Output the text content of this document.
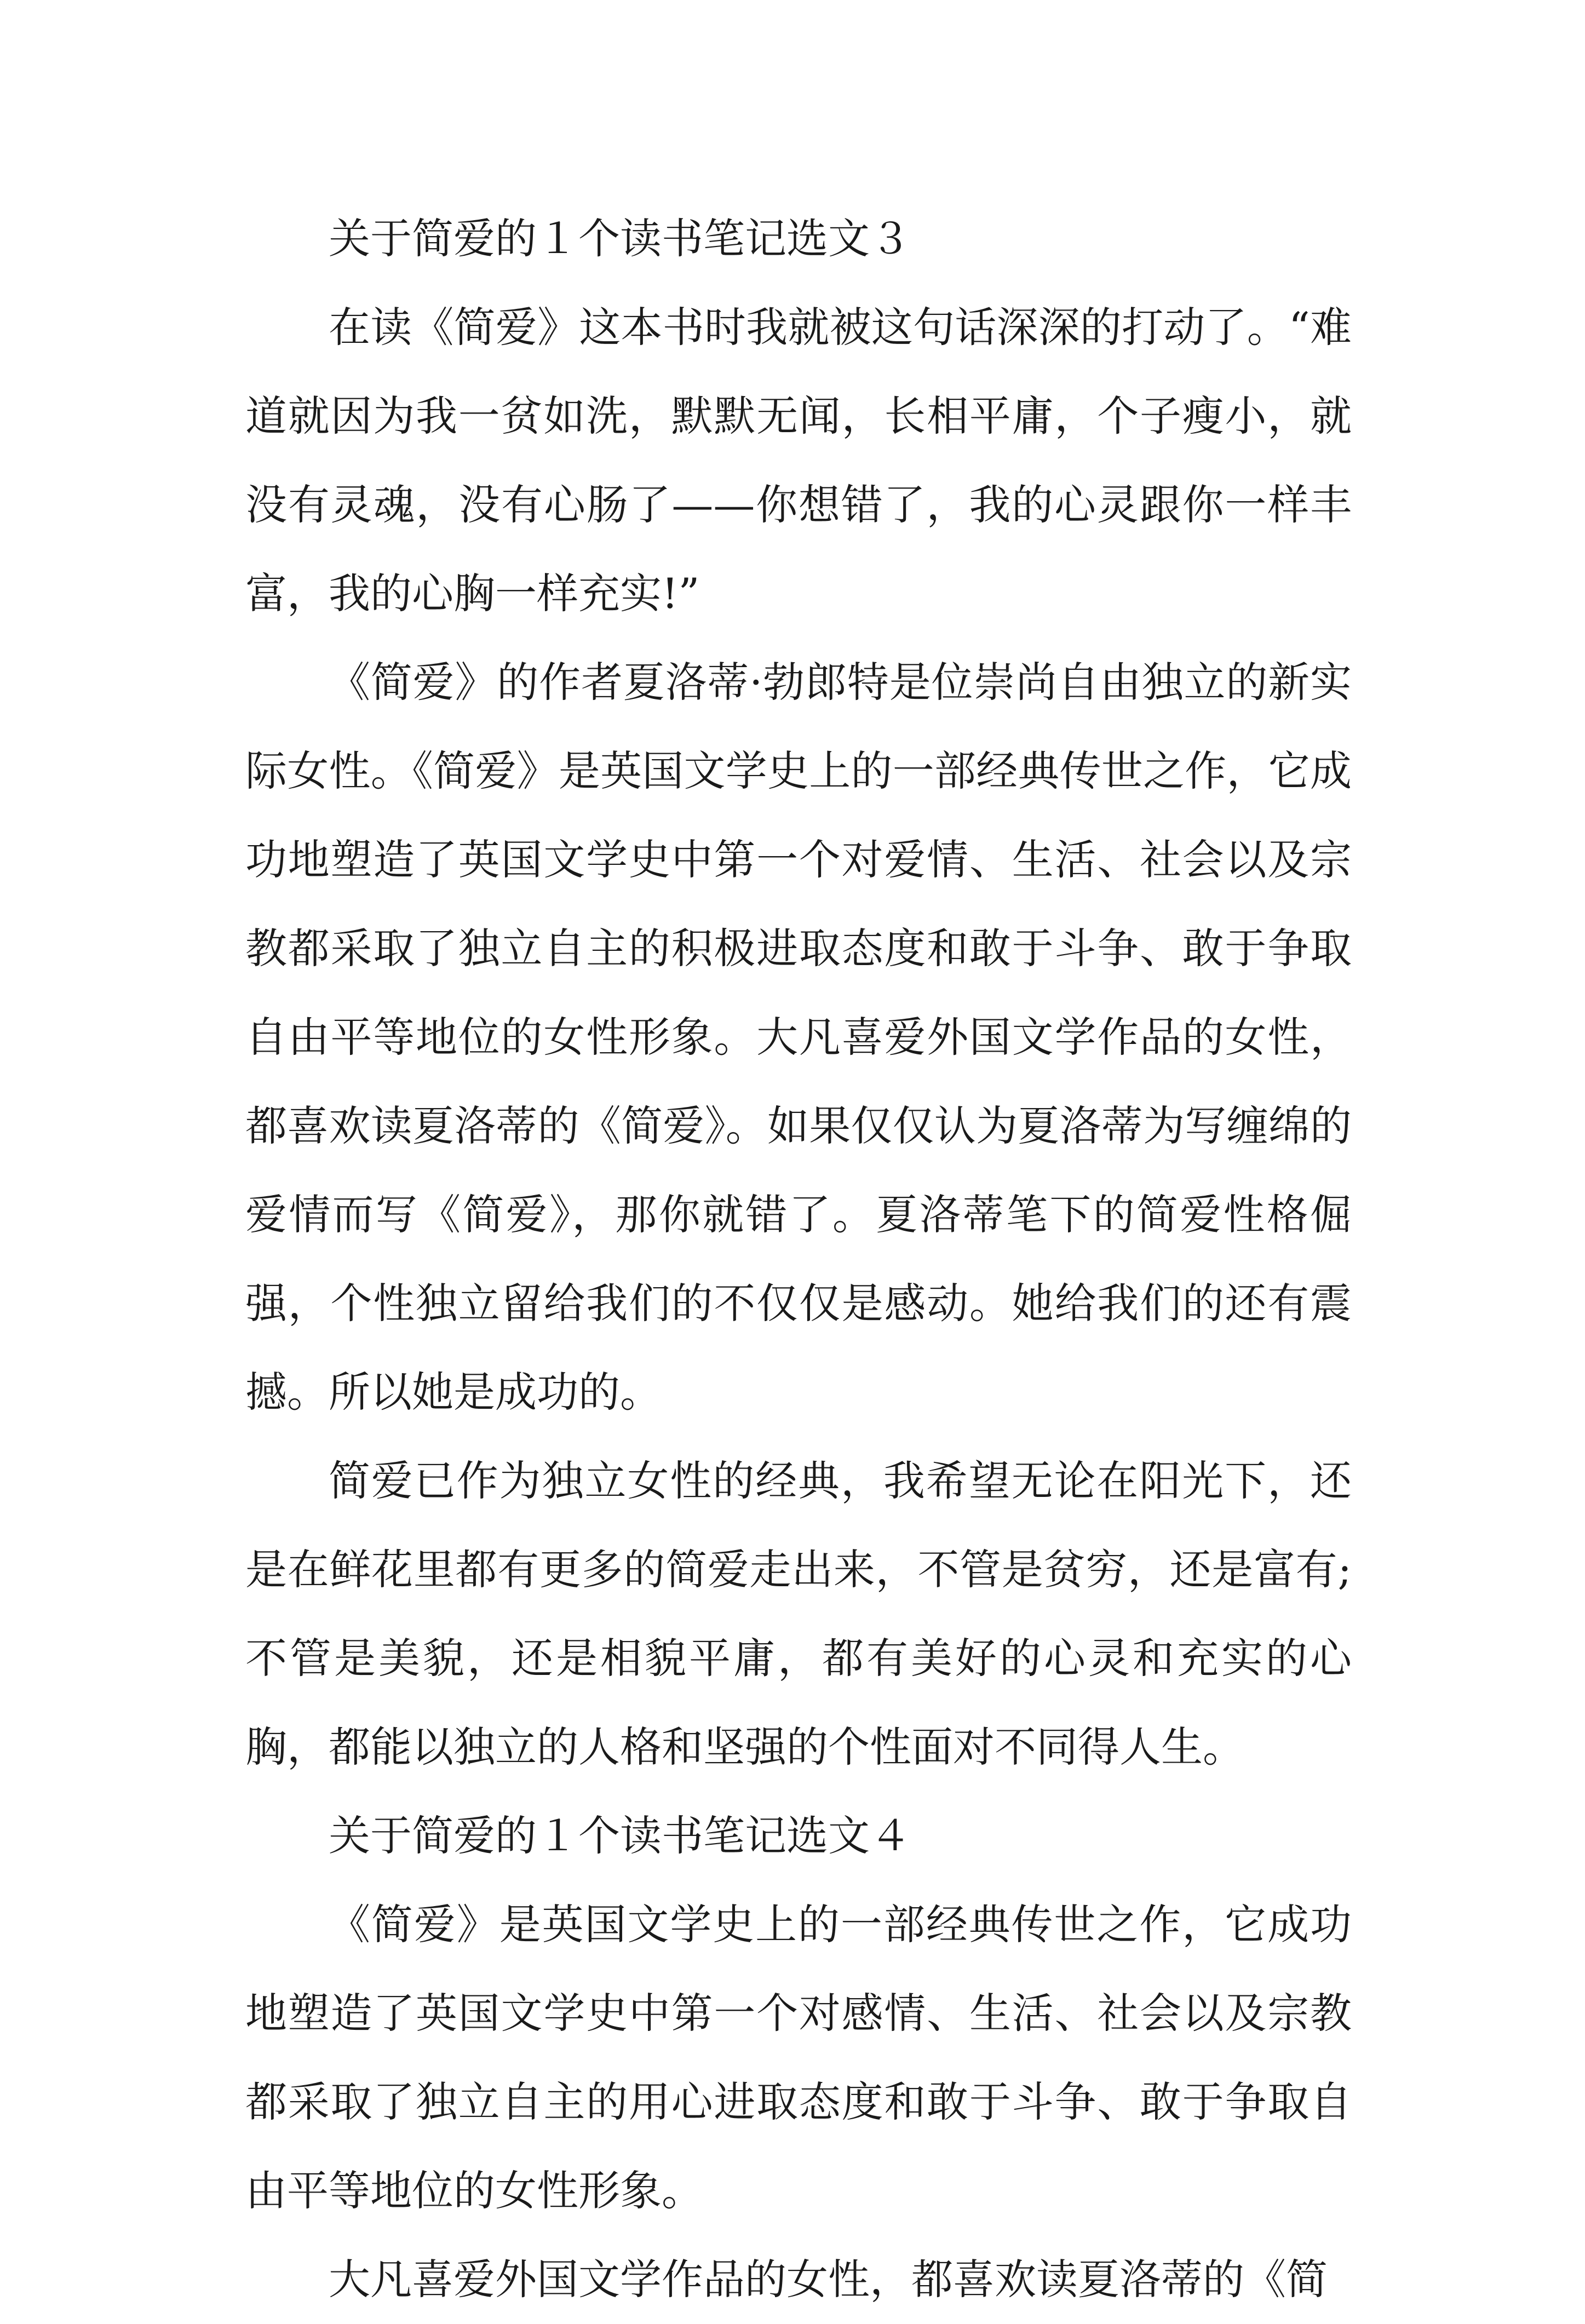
关于简爱的１个读书笔记选文３

在读《简爱》这本书时我就被这句话深深的打动了。“难道就因为我一贫如洗，默默无闻，长相平庸，个子瘦小，就没有灵魂，没有心肠了——你想错了，我的心灵跟你一样丰富，我的心胸一样充实!”

《简爱》的作者夏洛蒂·勃郎特是位崇尚自由独立的新实际女性。《简爱》是英国文学史上的一部经典传世之作，它成功地塑造了英国文学史中第一个对爱情、生活、社会以及宗教都采取了独立自主的积极进取态度和敢于斗争、敢于争取自由平等地位的女性形象。大凡喜爱外国文学作品的女性，都喜欢读夏洛蒂的《简爱》。如果仅仅认为夏洛蒂为写缠绵的爱情而写《简爱》，那你就错了。夏洛蒂笔下的简爱性格倔强，个性独立留给我们的不仅仅是感动。她给我们的还有震撼。所以她是成功的。

简爱已作为独立女性的经典，我希望无论在阳光下，还是在鲜花里都有更多的简爱走出来，不管是贫穷，还是富有;不管是美貌，还是相貌平庸，都有美好的心灵和充实的心胸，都能以独立的人格和坚强的个性面对不同得人生。

关于简爱的１个读书笔记选文４

《简爱》是英国文学史上的一部经典传世之作，它成功地塑造了英国文学史中第一个对感情、生活、社会以及宗教都采取了独立自主的用心进取态度和敢于斗争、敢于争取自由平等地位的女性形象。

大凡喜爱外国文学作品的女性，都喜欢读夏洛蒂的《简
